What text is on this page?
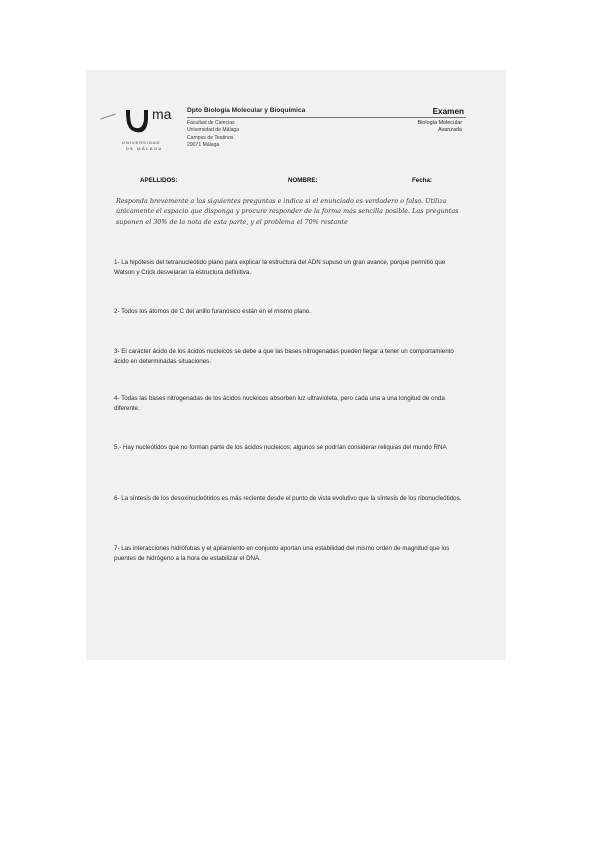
ma
UNIVERSIDAD
DE MÁLAGA
Dpto Biología Molecular y Bioquímica
Facultad de Ciencias
Universidad de Málaga
Campus de Teatinos
29071 Málaga
Examen
Biología Molecular
Avanzada
APELLIDOS:	NOMBRE:	Fecha:
Responda brevemente a las siguientes preguntas e indica si el enunciado es verdadero o falso. Utiliza únicamente el espacio que disponga y procure responder de la forma más sencilla posible. Las preguntas suponen el 30% de la nota de esta parte, y el problema el 70% restante
1- La hipótesis del tetranucleótido plano para explicar la estructura del ADN supuso un gran avance, porque permitió que Watson y Crick desvelaran la estructura definitiva.
2- Todos los átomos de C del anillo furanósico están en el mismo plano.
3- El carácter ácido de los ácidos nucleicos se debe a que las bases nitrogenadas pueden llegar a tener un comportamiento ácido en determinadas situaciones.
4- Todas las bases nitrogenadas de los ácidos nucleicos absorben luz ultravioleta, pero cada una a una longitud de onda diferente.
5.- Hay nucleótidos que no forman parte de los ácidos nucleicos; algunos se podrían considerar reliquias del mundo RNA
6- La síntesis de los desoxinucleótidos es más reciente desde el punto de vista evolutivo que la síntesis de los ribonucleótidos.
7- Las interacciones hidrófobas y el apilamiento en conjunto aportan una estabilidad del mismo orden de magnitud que los puentes de hidrógeno a la hora de estabilizar el DNA.
